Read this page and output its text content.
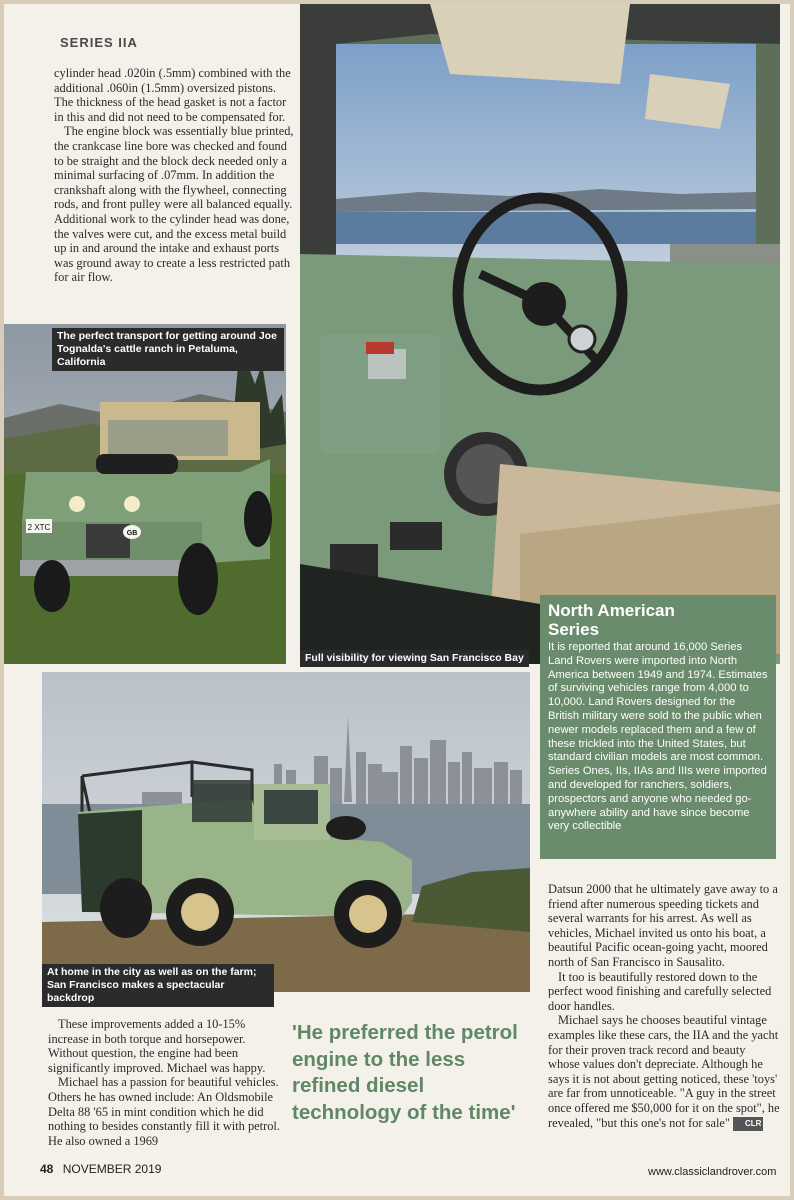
SERIES IIA

cylinder head .020in (.5mm) combined with the additional .060in (1.5mm) oversized pistons. The thickness of the head gasket is not a factor in this and did not need to be compensated for.

The engine block was essentially blue printed, the crankcase line bore was checked and found to be straight and the block deck needed only a minimal surfacing of .07mm. In addition the crankshaft along with the flywheel, connecting rods, and front pulley were all balanced equally. Additional work to the cylinder head was done, the valves were cut, and the excess metal build up in and around the intake and exhaust ports was ground away to create a less restricted path for air flow.

2 XTC
GB
The perfect transport for getting around Joe Tognalda's cattle ranch in Petaluma, California
Full visibility for viewing San Francisco Bay
North American
Series

It is reported that around 16,000 Series Land Rovers were imported into North America between 1949 and 1974. Estimates of surviving vehicles range from 4,000 to 10,000. Land Rovers designed for the British military were sold to the public when newer models replaced them and a few of these trickled into the United States, but standard civilian models are most common. Series Ones, IIs, IIAs and IIIs were imported and developed for ranchers, soldiers, prospectors and anyone who needed go-anywhere ability and have since become very collectible

At home in the city as well as on the farm; San Francisco makes a spectacular backdrop

These improvements added a 10-15% increase in both torque and horsepower. Without question, the engine had been significantly improved. Michael was happy.

Michael has a passion for beautiful vehicles. Others he has owned include: An Oldsmobile Delta 88 '65 in mint condition which he did nothing to besides constantly fill it with petrol. He also owned a 1969

'He preferred the petrol engine to the less refined diesel technology of the time'

Datsun 2000 that he ultimately gave away to a friend after numerous speeding tickets and several warrants for his arrest. As well as vehicles, Michael invited us onto his boat, a beautiful Pacific ocean-going yacht, moored north of San Francisco in Sausalito.

It too is beautifully restored down to the perfect wood finishing and carefully selected door handles.

Michael says he chooses beautiful vintage examples like these cars, the IIA and the yacht for their proven track record and beauty whose values don't depreciate. Although he says it is not about getting noticed, these 'toys' are far from unnoticeable. "A guy in the street once offered me $50,000 for it on the spot", he revealed, "but this one's not for sale" CLR

48 NOVEMBER 2019	www.classiclandrover.com
